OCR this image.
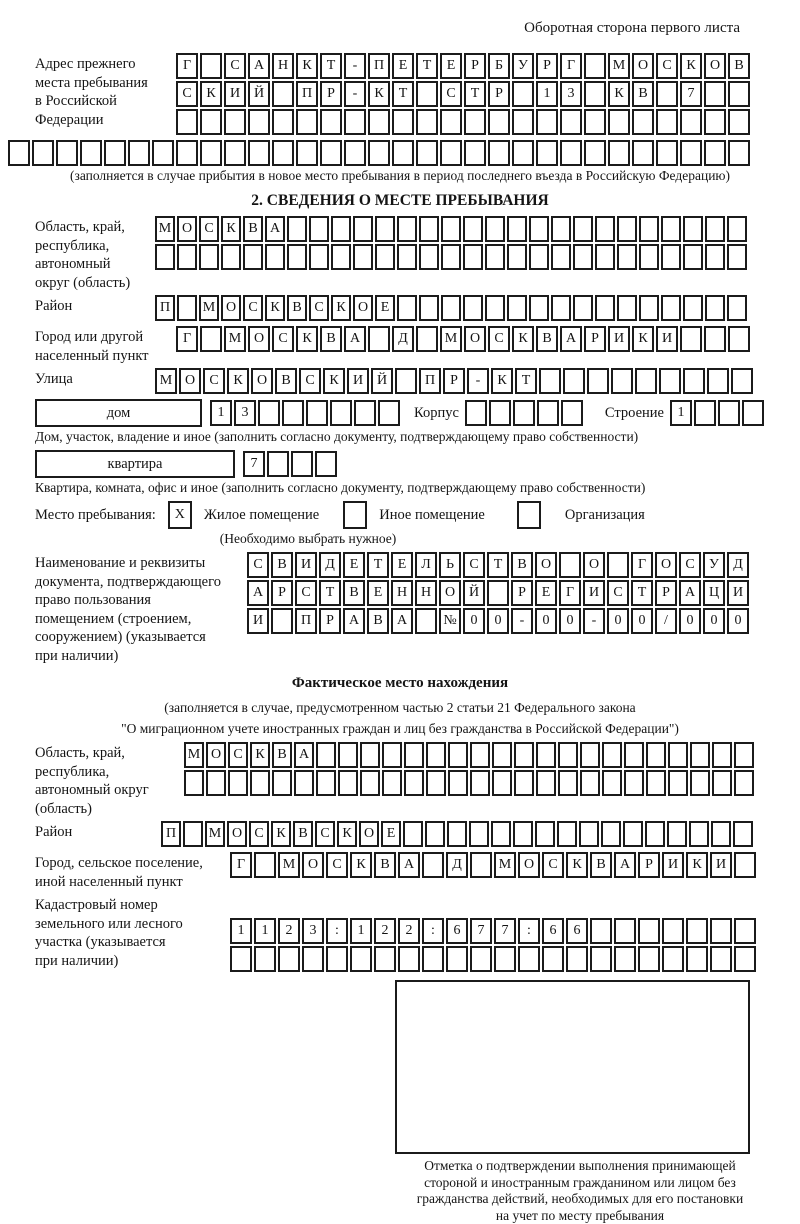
Оборотная сторона первого листа
Адрес прежнего
места пребывания
в Российской
Федерации
Г	С	А Н	К	Т	-	П	Е	Т	Е	Р	Б	У	Р	Г	М О	С	К	О	В
С	К	И Й	П	Р	-	К	Т	С	Т	Р	1	3	К	В	7
(заполняется в случае прибытия в новое место пребывания в период последнего въезда в Российскую Федерацию)
2. СВЕДЕНИЯ О МЕСТЕ ПРЕБЫВАНИЯ
Область, край,
республика,
автономный
округ (область)
М О С К В А
Район	П	М О С К В С К О Е
Город или другой
населенный пункт
Г	М О	С	К	В	А	Д	М О	С	К	В	А	Р	И	К	И
Улица	М О	С	К	О	В	С	К	И Й	П	Р	-	К	Т
дом	1	3	Корпус	Строение 1
Дом, участок, владение и иное (заполнить согласно документу, подтверждающему право собственности)
квартира	7
Квартира, комната, офис и иное (заполнить согласно документу, подтверждающему право собственности)
Место пребывания:	X	Жилое помещение	Иное помещение	Организация
(Необходимо выбрать нужное)
Наименование и реквизиты
документа, подтверждающего
право пользования
помещением (строением,
сооружением) (указывается
при наличии)
С	В	И	Д	Е	Т	Е	Л	Ь	С	Т	В	О	О	Г	О	С	У	Д
А	Р	С	Т	В	Е	Н Н О Й	Р	Е	Г	И	С	Т	Р	А Ц И
И	П	Р	А	В	А	№ 0	0	-	0	0	-	0	0	/	0	0	0
Фактическое место нахождения
(заполняется в случае, предусмотренном частью 2 статьи 21 Федерального закона
"О миграционном учете иностранных граждан и лиц без гражданства в Российской Федерации")
Область, край,
республика,
автономный округ
(область)
М О С К В А
Район	П	М О С К В С К О Е
Город, сельское поселение,
иной населенный пункт
Г	М О	С	К	В	А	Д	М О	С	К	В	А	Р	И	К	И
Кадастровый номер
земельного или лесного
участка (указывается
при наличии)
1	1	2	3	:	1	2	2	:	6	7	7	:	6	6
Отметка о подтверждении выполнения принимающей
стороной и иностранным гражданином или лицом без
гражданства действий, необходимых для его постановки
на учет по месту пребывания
